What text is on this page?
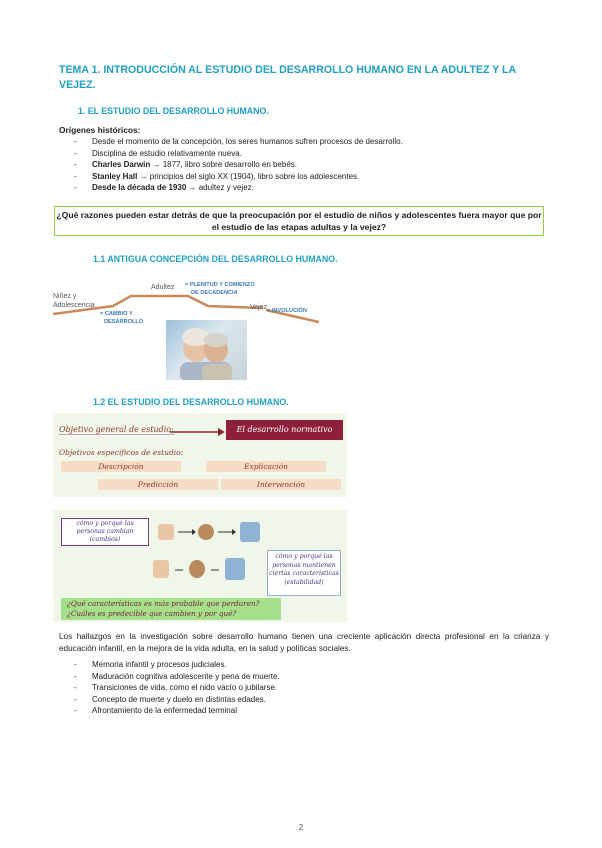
TEMA 1. INTRODUCCIÓN AL ESTUDIO DEL DESARROLLO HUMANO EN LA ADULTEZ Y LA VEJEZ.
1. EL ESTUDIO DEL DESARROLLO HUMANO.
Orígenes históricos:
- Desde el momento de la concepción, los seres humanos sufren procesos de desarrollo.
- Disciplina de estudio relativamente nueva.
- Charles Darwin → 1877, libro sobre desarrollo en bebés.
- Stanley Hall → principios del siglo XX (1904), libro sobre los adolescentes.
- Desde la década de 1930 → adultez y vejez.
¿Qué razones pueden estar detrás de que la preocupación por el estudio de niños y adolescentes fuera mayor que por el estudio de las etapas adultas y la vejez?
1.1 ANTIGUA CONCEPCIÓN DEL DESARROLLO HUMANO.
Niñez y
Adolescencia
Adultez = PLENITUD Y COMIENZO
DE DECADENCIA
= CAMBIO Y
DESARROLLO
Vejez = INVOLUCIÓN
1.2 EL ESTUDIO DEL DESARROLLO HUMANO.
Objetivo general de estudio:	El desarrollo normativo
Objetivos específicos de estudio:
Descripción	Explicación
Predicción	Intervención
cómo y porqué las personas cambian (cambios)
cómo y porqué las personas mantienen ciertas características (estabilidad)
¿Qué características es más probable que perduren?
¿Cuáles es predecible que cambien y por qué?
Los hallazgos en la investigación sobre desarrollo humano tienen una creciente aplicación directa profesional en la crianza y educación infantil, en la mejora de la vida adulta, en la salud y políticas sociales.
- Memoria infantil y procesos judiciales.
- Maduración cognitiva adolescente y pena de muerte.
- Transiciones de vida, como el nido vacío o jubilarse.
- Concepto de muerte y duelo en distintas edades.
- Afrontamiento de la enfermedad terminal
2
